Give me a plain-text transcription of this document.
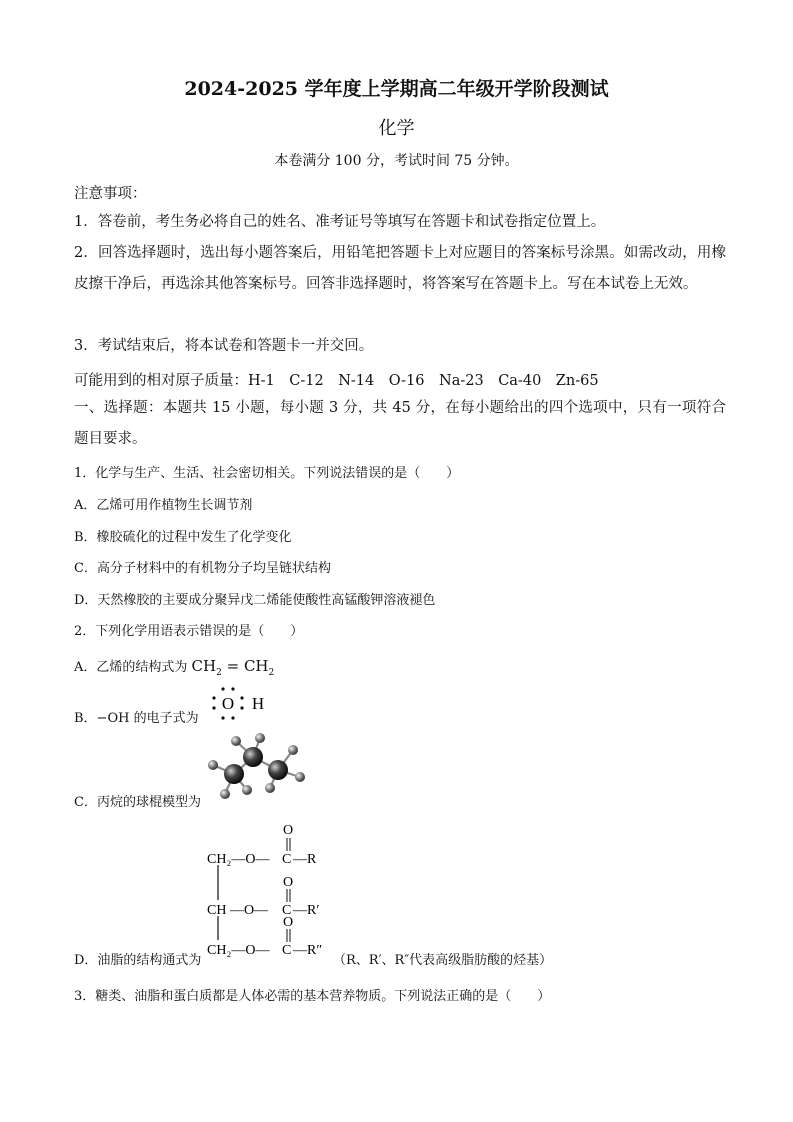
2024-2025 学年度上学期高二年级开学阶段测试
化学
本卷满分 100 分，考试时间 75 分钟。
注意事项：
1．答卷前，考生务必将自己的姓名、准考证号等填写在答题卡和试卷指定位置上。
2．回答选择题时，选出每小题答案后，用铅笔把答题卡上对应题目的答案标号涂黑。如需改动，用橡皮擦干净后，再选涂其他答案标号。回答非选择题时，将答案写在答题卡上。写在本试卷上无效。
3．考试结束后，将本试卷和答题卡一并交回。
可能用到的相对原子质量：H-1　C-12　N-14　O-16　Na-23　Ca-40　Zn-65
一、选择题：本题共 15 小题，每小题 3 分，共 45 分，在每小题给出的四个选项中，只有一项符合题目要求。
1．化学与生产、生活、社会密切相关。下列说法错误的是（　　）
A．乙烯可用作植物生长调节剂
B．橡胶硫化的过程中发生了化学变化
C．高分子材料中的有机物分子均呈链状结构
D．天然橡胶的主要成分聚异戊二烯能使酸性高锰酸钾溶液褪色
2．下列化学用语表示错误的是（　　）
A．乙烯的结构式为 $CH_2 = CH_2$
B．−OH 的电子式为
O H
C．丙烷的球棍模型为
D．油脂的结构通式为
CH₂—O— C —R
O
CH —O— C —R′
O
CH₂—O— C —R″
O
（R、R′、R″代表高级脂肪酸的烃基）
3．糖类、油脂和蛋白质都是人体必需的基本营养物质。下列说法正确的是（　　）
